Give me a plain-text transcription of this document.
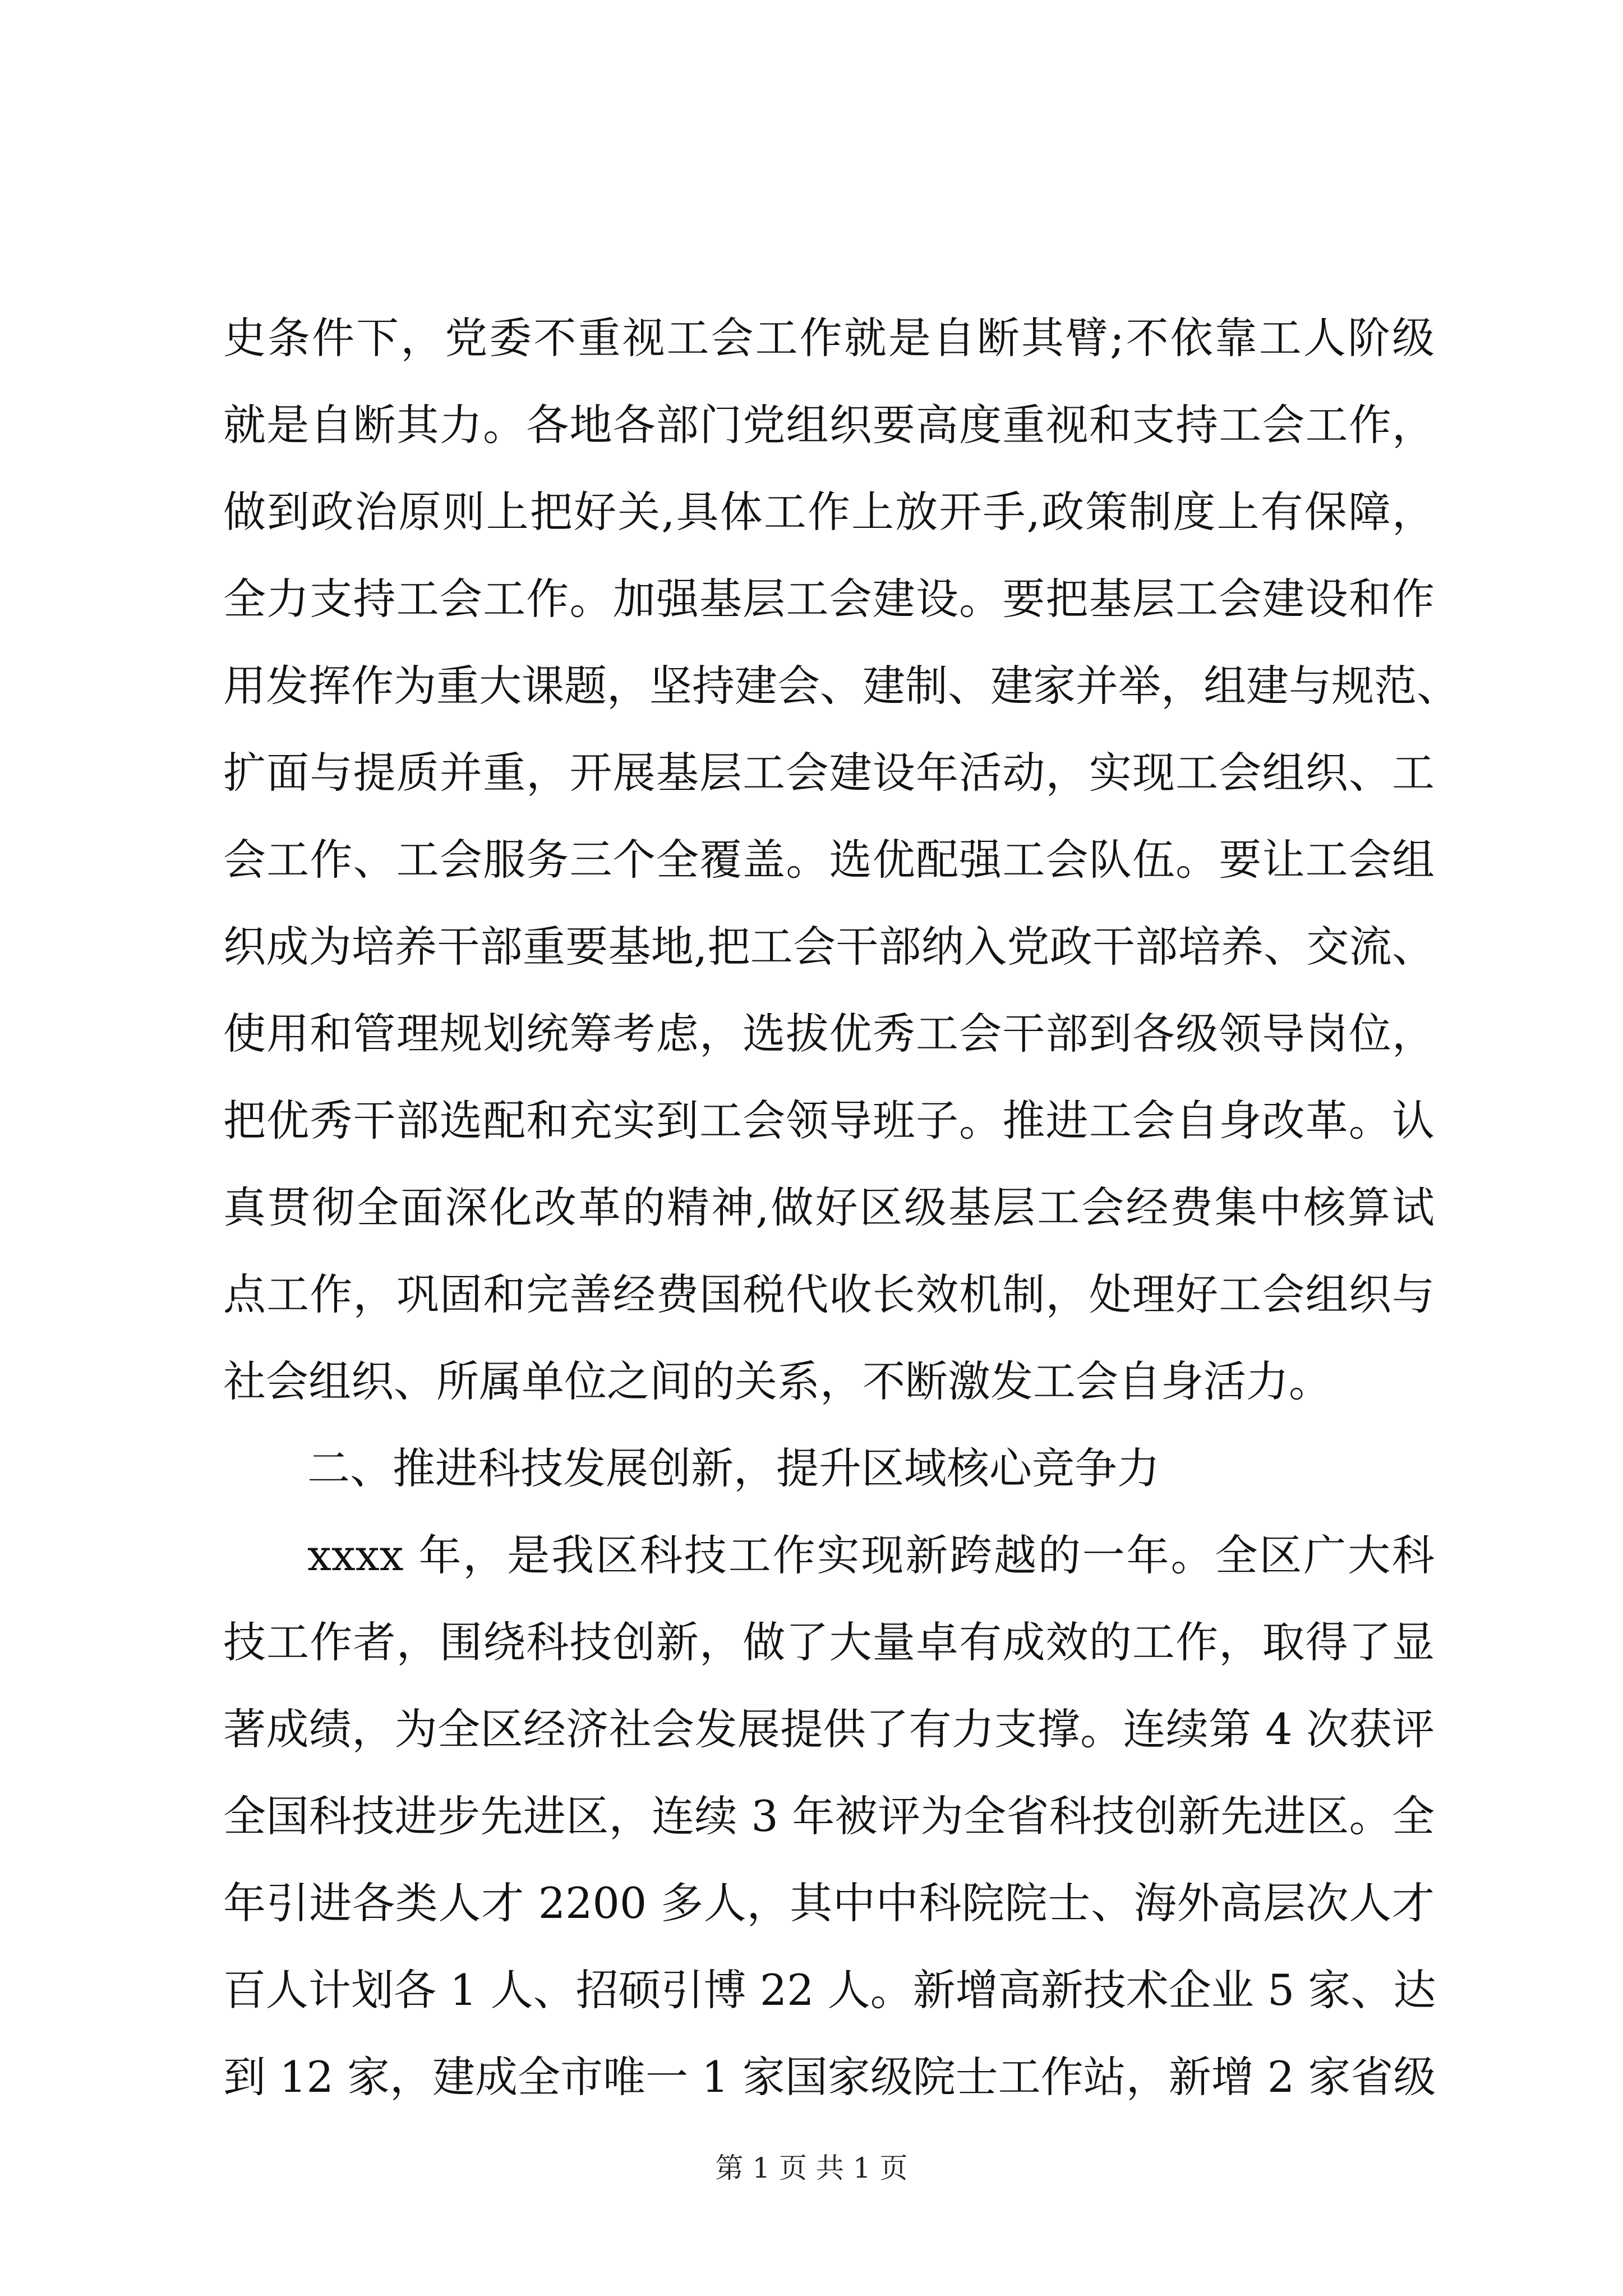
史条件下，党委不重视工会工作就是自断其臂;不依靠工人阶级
就是自断其力。各地各部门党组织要高度重视和支持工会工作，
做到政治原则上把好关,具体工作上放开手,政策制度上有保障，
全力支持工会工作。加强基层工会建设。要把基层工会建设和作
用发挥作为重大课题，坚持建会、建制、建家并举，组建与规范、
扩面与提质并重，开展基层工会建设年活动，实现工会组织、工
会工作、工会服务三个全覆盖。选优配强工会队伍。要让工会组
织成为培养干部重要基地,把工会干部纳入党政干部培养、交流、
使用和管理规划统筹考虑，选拔优秀工会干部到各级领导岗位，
把优秀干部选配和充实到工会领导班子。推进工会自身改革。认
真贯彻全面深化改革的精神,做好区级基层工会经费集中核算试
点工作，巩固和完善经费国税代收长效机制，处理好工会组织与
社会组织、所属单位之间的关系，不断激发工会自身活力。
二、推进科技发展创新，提升区域核心竞争力
xxxx 年，是我区科技工作实现新跨越的一年。全区广大科
技工作者，围绕科技创新，做了大量卓有成效的工作，取得了显
著成绩，为全区经济社会发展提供了有力支撑。连续第 4 次获评
全国科技进步先进区，连续 3 年被评为全省科技创新先进区。全
年引进各类人才 2200 多人，其中中科院院士、海外高层次人才
百人计划各 1 人、招硕引博 22 人。新增高新技术企业 5 家、达
到 12 家，建成全市唯一 1 家国家级院士工作站，新增 2 家省级
第 1 页 共 1 页
